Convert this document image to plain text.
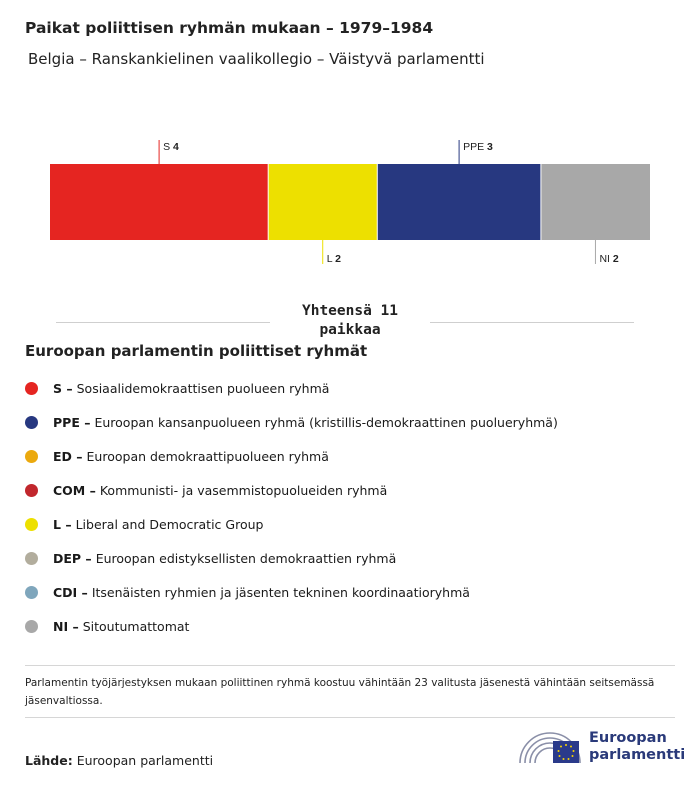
Paikat poliittisen ryhmän mukaan – 1979–1984
Belgia – Ranskankielinen vaalikollegio – Väistyvä parlamentti
S 4
L 2
PPE 3
NI 2
Yhteensä 11 paikkaa
Euroopan parlamentin poliittiset ryhmät
S – Sosiaalidemokraattisen puolueen ryhmä
PPE – Euroopan kansanpuolueen ryhmä (kristillis-demokraattinen puolueryhmä)
ED – Euroopan demokraattipuolueen ryhmä
COM – Kommunisti- ja vasemmistopuolueiden ryhmä
L – Liberal and Democratic Group
DEP – Euroopan edistyksellisten demokraattien ryhmä
CDI – Itsenäisten ryhmien ja jäsenten tekninen koordinaatioryhmä
NI – Sitoutumattomat
Parlamentin työjärjestyksen mukaan poliittinen ryhmä koostuu vähintään 23 valitusta jäsenestä vähintään seitsemässä jäsenvaltiossa.
Lähde: Euroopan parlamentti
Euroopan
parlamentti
